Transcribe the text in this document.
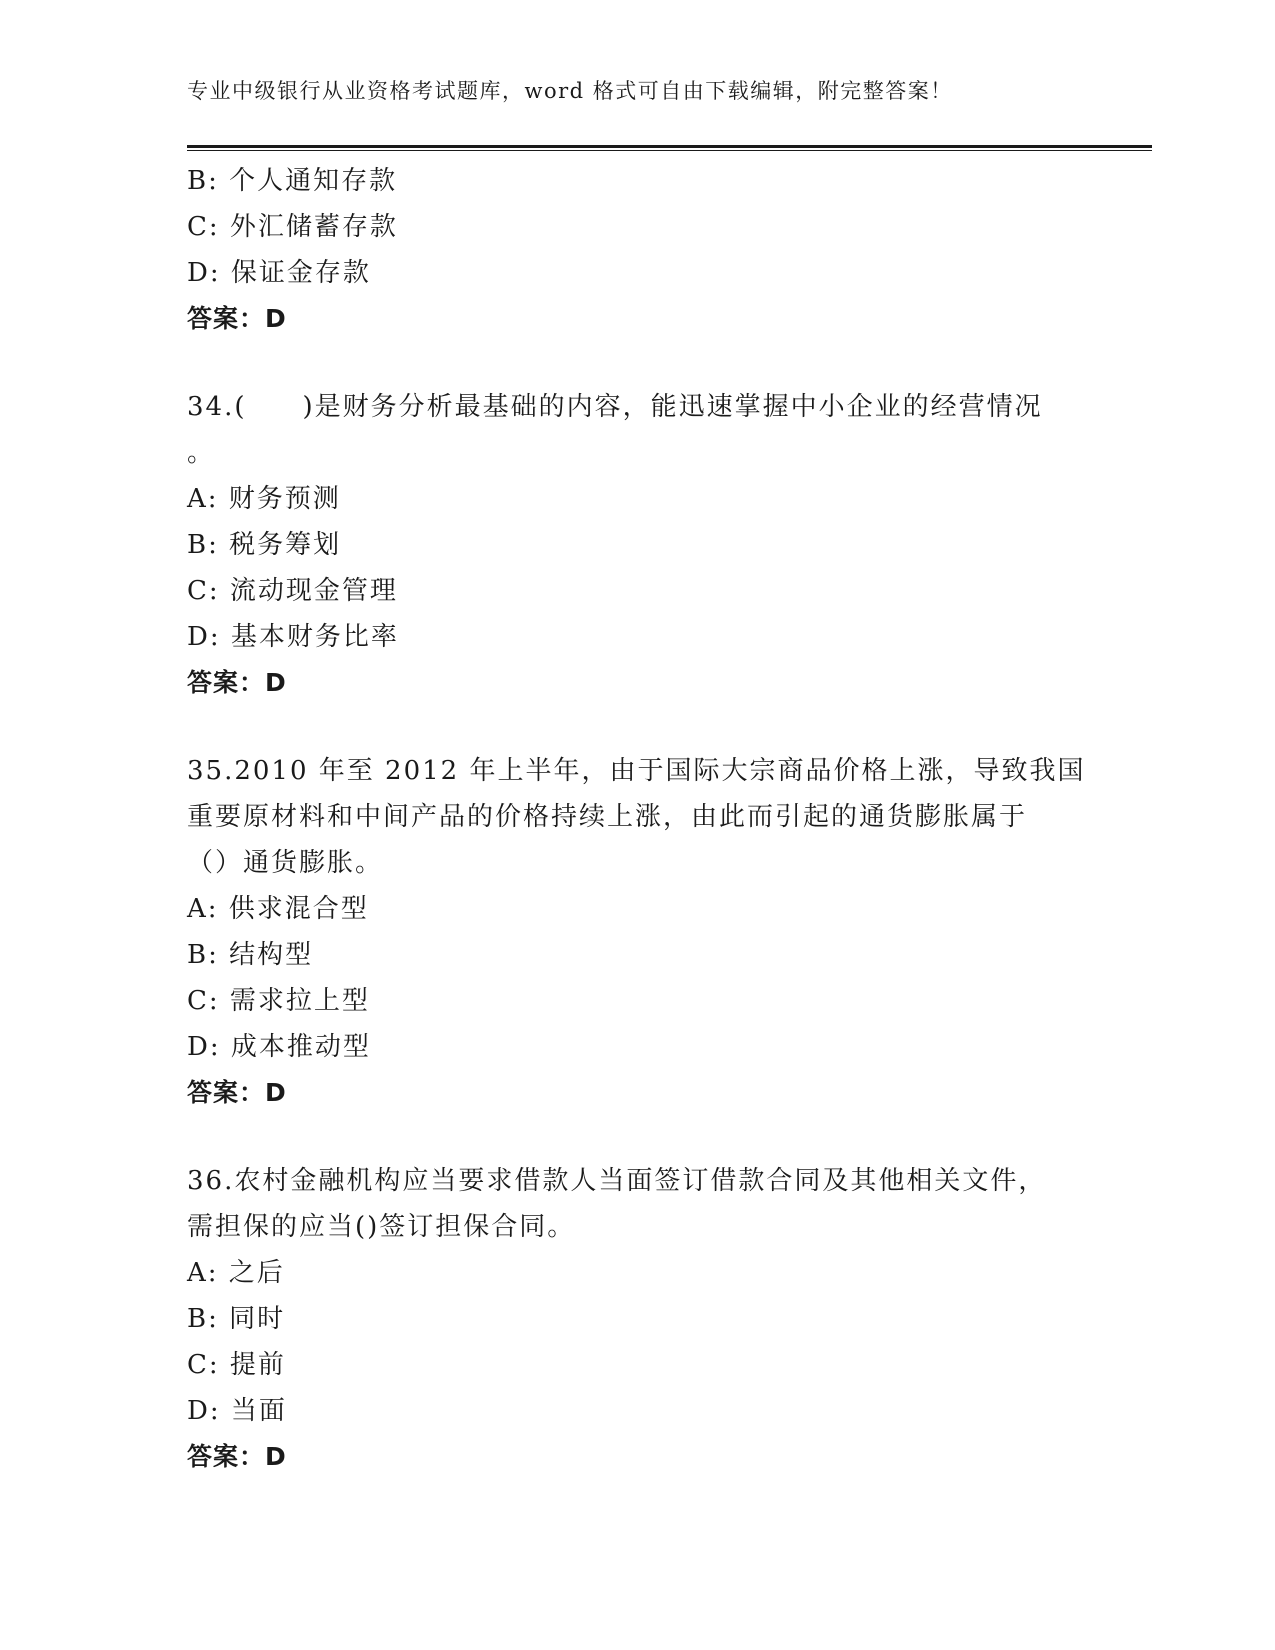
专业中级银行从业资格考试题库，word 格式可自由下载编辑，附完整答案！
B: 个人通知存款
C: 外汇储蓄存款
D: 保证金存款
答案：D
34.(　　)是财务分析最基础的内容，能迅速掌握中小企业的经营情况
。
A: 财务预测
B: 税务筹划
C: 流动现金管理
D: 基本财务比率
答案：D
35.2010 年至 2012 年上半年，由于国际大宗商品价格上涨，导致我国
重要原材料和中间产品的价格持续上涨，由此而引起的通货膨胀属于
（）通货膨胀。
A: 供求混合型
B: 结构型
C: 需求拉上型
D: 成本推动型
答案：D
36.农村金融机构应当要求借款人当面签订借款合同及其他相关文件，
需担保的应当()签订担保合同。
A: 之后
B: 同时
C: 提前
D: 当面
答案：D
